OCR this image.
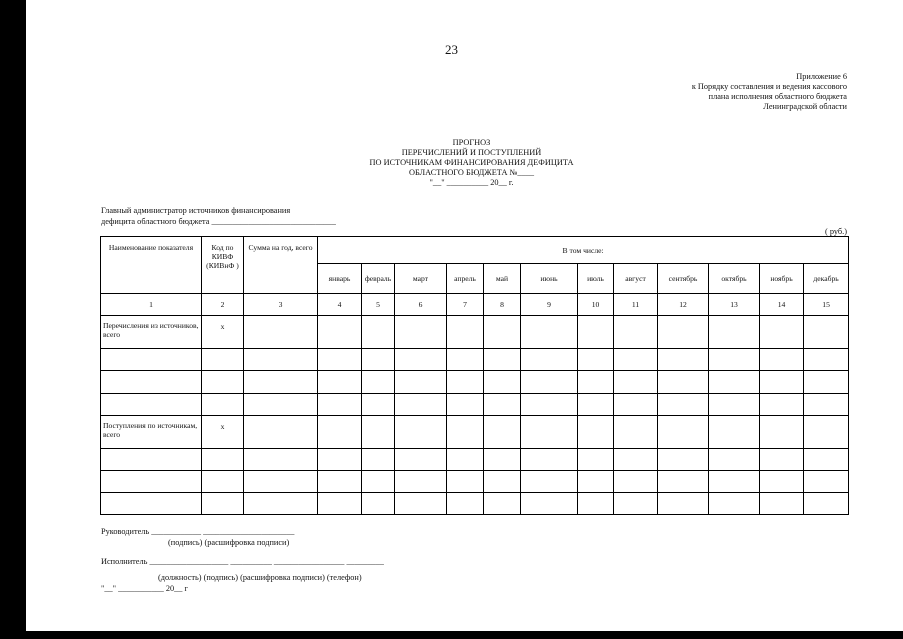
23
Приложение 6
к Порядку составления и ведения кассового
плана исполнения областного бюджета
Ленинградской области
ПРОГНОЗ
ПЕРЕЧИСЛЕНИЙ И ПОСТУПЛЕНИЙ
ПО ИСТОЧНИКАМ ФИНАНСИРОВАНИЯ ДЕФИЦИТА
ОБЛАСТНОГО БЮДЖЕТА №____
"__" __________ 20__ г.
Главный администратор источников финансирования
дефицита областного бюджета ______________________________
( руб.)
Наименование показателя	Код по КИВФ (КИВнФ )	Сумма на год, всего	В том числе:											
			январь	февраль	март	апрель	май	июнь	июль	август	сентябрь	октябрь	ноябрь	декабрь
1	2	3	4	5	6	7	8	9	10	11	12	13	14	15
Перечисления из источников, всего	x													

Поступления по источникам, всего	x													

Руководитель ____________ ______________________
(подпись) (расшифровка подписи)
Исполнитель ___________________ __________ _________________ _________
(должность) (подпись) (расшифровка подписи) (телефон)
"__" ___________ 20__ г
